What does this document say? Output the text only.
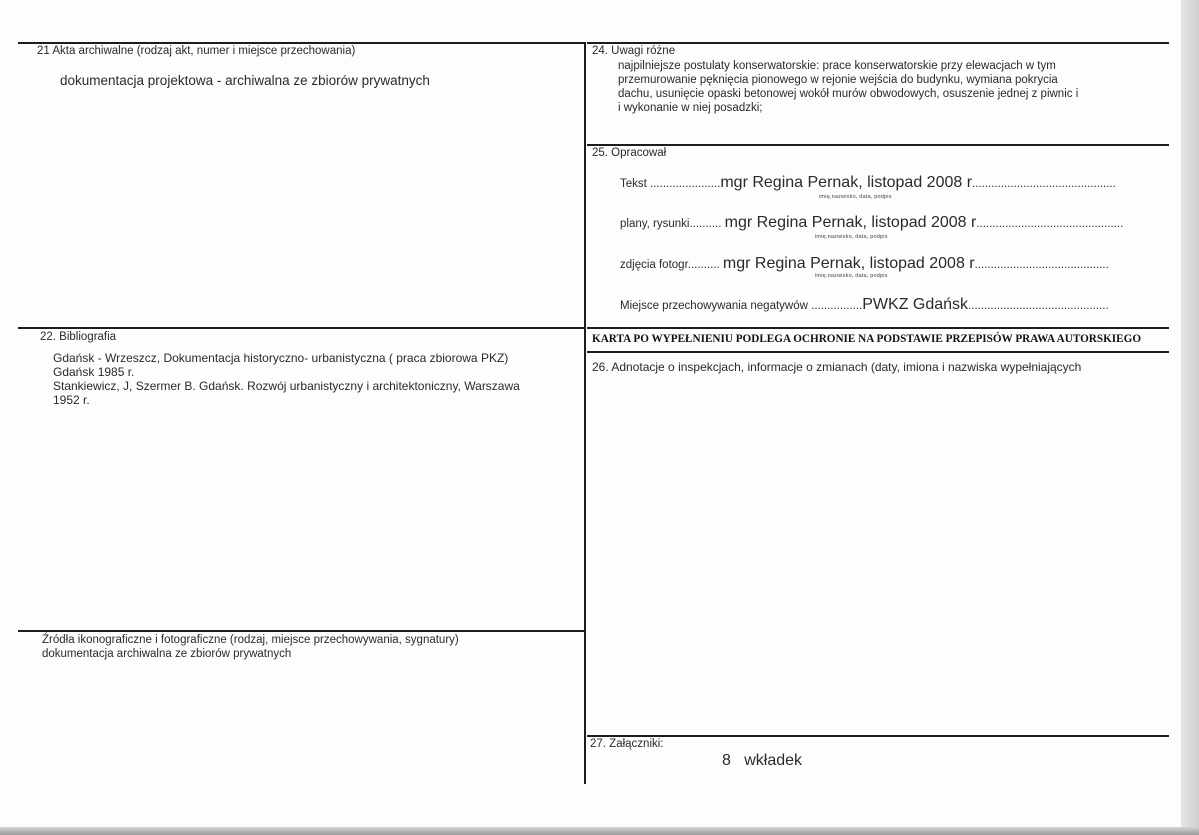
21 Akta archiwalne (rodzaj akt, numer i miejsce przechowania)
dokumentacja projektowa - archiwalna ze zbiorów prywatnych
22. Bibliografia
Gdańsk - Wrzeszcz, Dokumentacja historyczno- urbanistyczna ( praca zbiorowa PKZ)
Gdańsk 1985 r.
Stankiewicz, J, Szermer B. Gdańsk. Rozwój urbanistyczny i architektoniczny, Warszawa
1952 r.
Źródła ikonograficzne i fotograficzne (rodzaj, miejsce przechowywania, sygnatury)
dokumentacja archiwalna ze zbiorów prywatnych
24. Uwagi różne
najpilniejsze postulaty konserwatorskie: prace konserwatorskie przy elewacjach w tym
przemurowanie pęknięcia pionowego w rejonie wejścia do budynku, wymiana pokrycia
dachu, usunięcie opaski betonowej wokół murów obwodowych, osuszenie jednej z piwnic i
i wykonanie w niej posadzki;
25. Opracował
Tekst ......................mgr Regina Pernak, listopad 2008 r.............................................
imię,nazwisko, data, podpis
plany, rysunki.......... mgr Regina Pernak, listopad 2008 r..............................................
imię,nazwisko, data, podpis
zdjęcia fotogr.......... mgr Regina Pernak, listopad 2008 r..........................................
imię,nazwisko, data, podpis
Miejsce przechowywania negatywów ................PWKZ Gdańsk............................................
KARTA PO WYPEŁNIENIU PODLEGA OCHRONIE NA PODSTAWIE PRZEPISÓW PRAWA AUTORSKIEGO
26. Adnotacje o inspekcjach, informacje o zmianach (daty, imiona i nazwiska wypełniających
27. Załączniki:
8 wkładek
